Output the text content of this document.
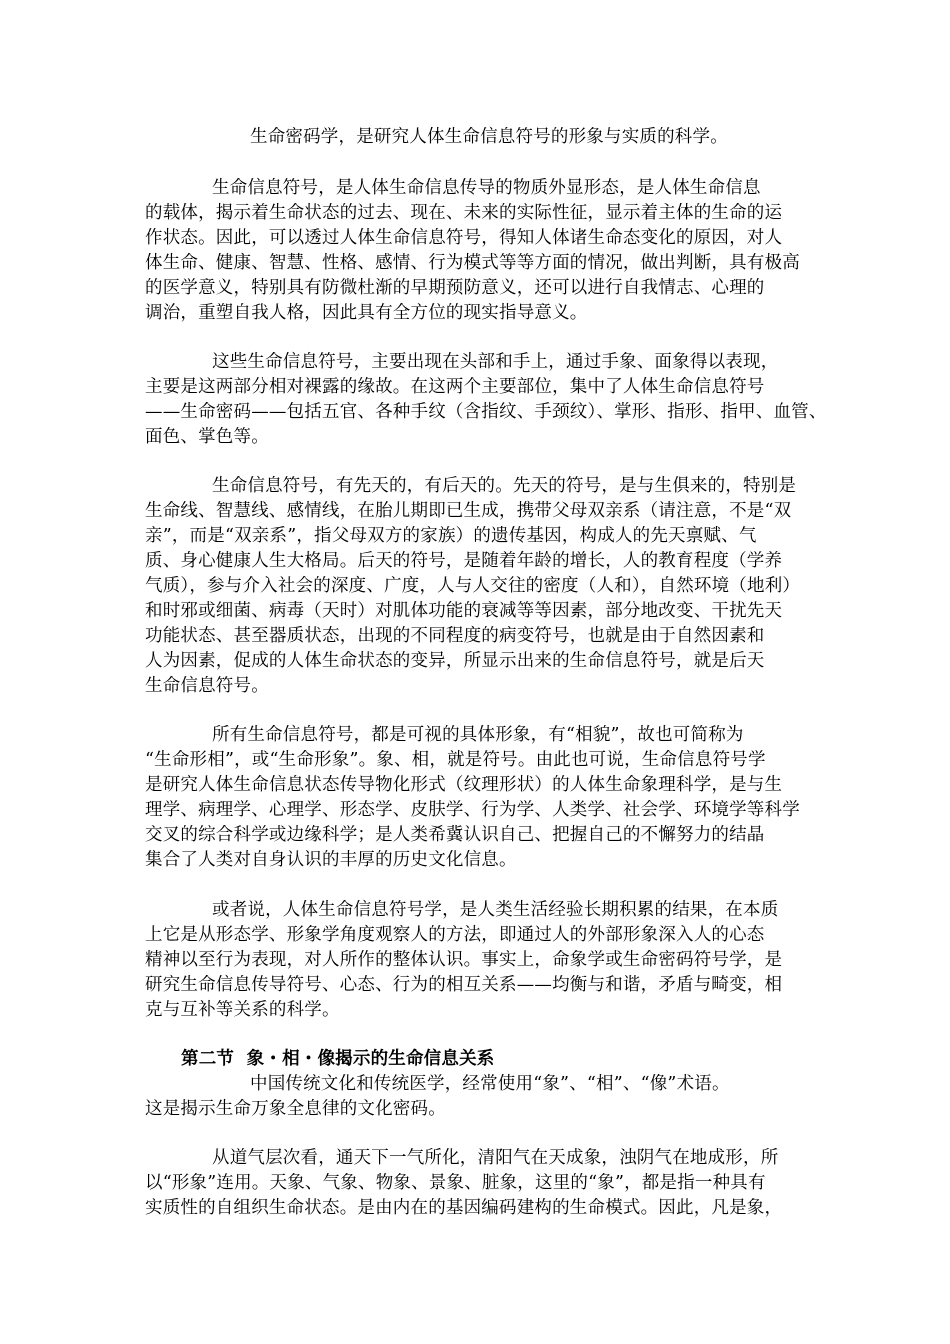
生命密码学，是研究人体生命信息符号的形象与实质的科学。
生命信息符号，是人体生命信息传导的物质外显形态，是人体生命信息
的载体，揭示着生命状态的过去、现在、未来的实际性征，显示着主体的生命的运
作状态。因此，可以透过人体生命信息符号，得知人体诸生命态变化的原因，对人
体生命、健康、智慧、性格、感情、行为模式等等方面的情况，做出判断，具有极高
的医学意义，特别具有防微杜渐的早期预防意义，还可以进行自我情志、心理的
调治，重塑自我人格，因此具有全方位的现实指导意义。
这些生命信息符号，主要出现在头部和手上，通过手象、面象得以表现，
主要是这两部分相对裸露的缘故。在这两个主要部位，集中了人体生命信息符号
——生命密码——包括五官、各种手纹（含指纹、手颈纹）、掌形、指形、指甲、血管、
面色、掌色等。
生命信息符号，有先天的，有后天的。先天的符号，是与生俱来的，特别是
生命线、智慧线、感情线，在胎儿期即已生成，携带父母双亲系（请注意，不是“双
亲”，而是“双亲系”，指父母双方的家族）的遗传基因，构成人的先天禀赋、气
质、身心健康人生大格局。后天的符号，是随着年龄的增长，人的教育程度（学养
气质），参与介入社会的深度、广度，人与人交往的密度（人和），自然环境（地利）
和时邪或细菌、病毒（天时）对肌体功能的衰减等等因素，部分地改变、干扰先天
功能状态、甚至器质状态，出现的不同程度的病变符号，也就是由于自然因素和
人为因素，促成的人体生命状态的变异，所显示出来的生命信息符号，就是后天
生命信息符号。
所有生命信息符号，都是可视的具体形象，有“相貌”，故也可简称为
“生命形相”，或“生命形象”。象、相，就是符号。由此也可说，生命信息符号学
是研究人体生命信息状态传导物化形式（纹理形状）的人体生命象理科学，是与生
理学、病理学、心理学、形态学、皮肤学、行为学、人类学、社会学、环境学等科学
交叉的综合科学或边缘科学；是人类希冀认识自己、把握自己的不懈努力的结晶
集合了人类对自身认识的丰厚的历史文化信息。
或者说，人体生命信息符号学，是人类生活经验长期积累的结果，在本质
上它是从形态学、形象学角度观察人的方法，即通过人的外部形象深入人的心态
精神以至行为表现，对人所作的整体认识。事实上，命象学或生命密码符号学，是
研究生命信息传导符号、心态、行为的相互关系——均衡与和谐，矛盾与畸变，相
克与互补等关系的科学。
第二节  象・相・像揭示的生命信息关系
中国传统文化和传统医学，经常使用“象”、“相”、“像”术语。
这是揭示生命万象全息律的文化密码。
从道气层次看，通天下一气所化，清阳气在天成象，浊阴气在地成形，所
以“形象”连用。天象、气象、物象、景象、脏象，这里的“象”，都是指一种具有
实质性的自组织生命状态。是由内在的基因编码建构的生命模式。因此，凡是象，
